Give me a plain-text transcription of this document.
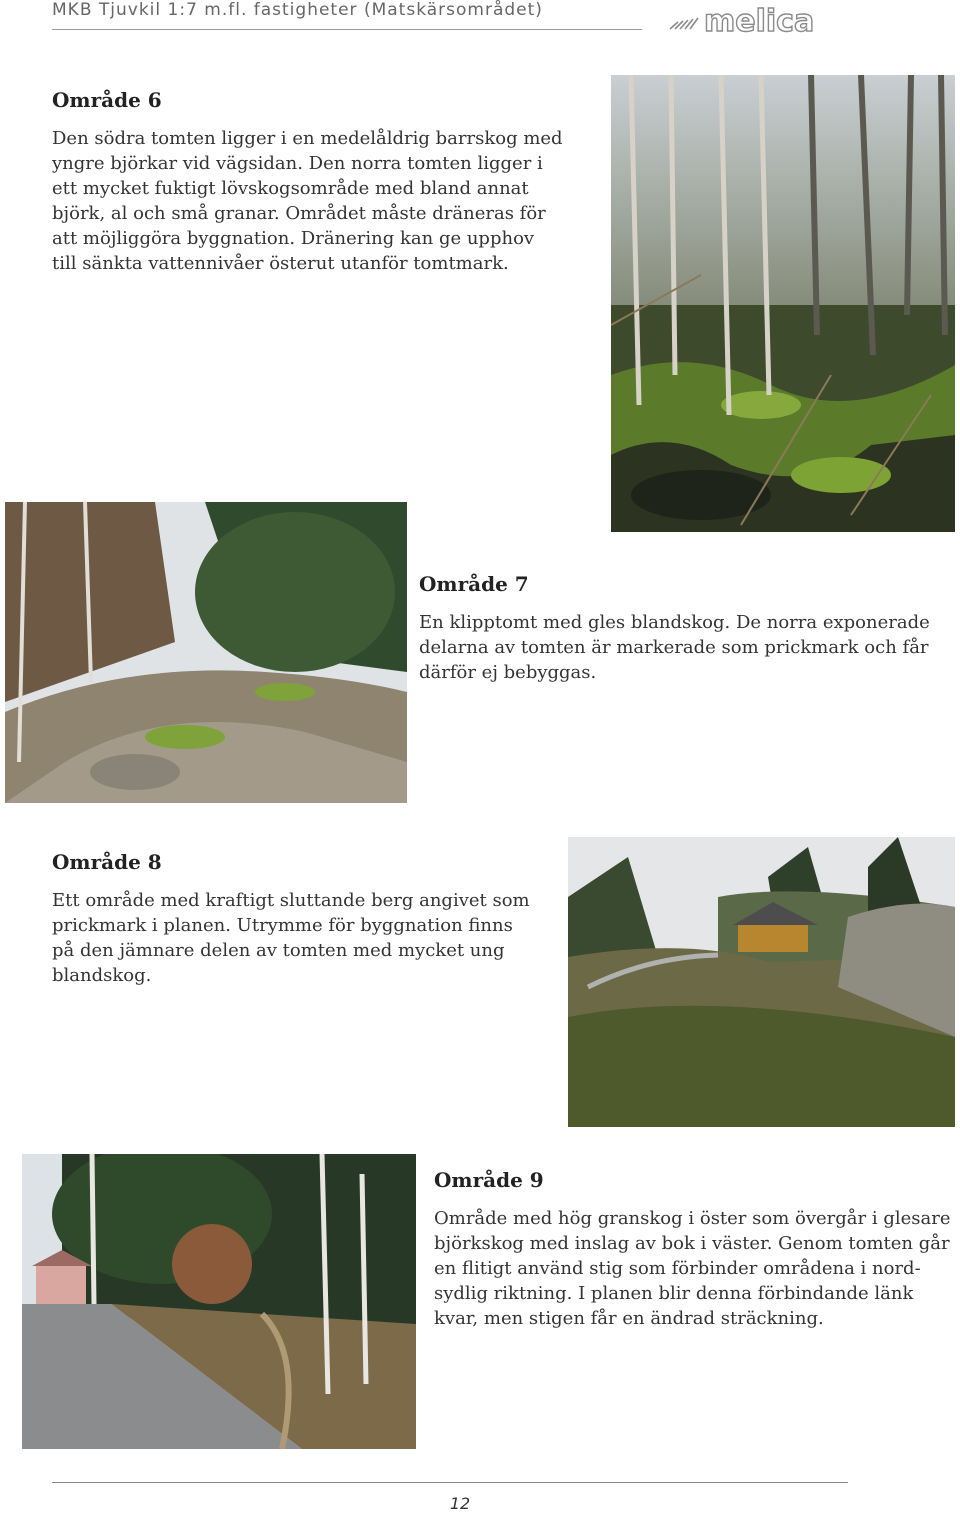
MKB Tjuvkil 1:7 m.fl. fastigheter (Matskärsområdet)	melica
Område 6
Den södra tomten ligger i en medelåldrig barrskog med
yngre björkar vid vägsidan. Den norra tomten ligger i
ett mycket fuktigt lövskogsområde med bland annat
björk, al och små granar. Området måste dräneras för
att möjliggöra byggnation. Dränering kan ge upphov
till sänkta vattennivåer österut utanför tomtmark.
Område 7
En klipptomt med gles blandskog. De norra exponerade
delarna av tomten är markerade som prickmark och får
därför ej bebyggas.
Område 8
Ett område med kraftigt sluttande berg angivet som
prickmark i planen. Utrymme för byggnation finns
på den jämnare delen av tomten med mycket ung
blandskog.
Område 9
Område med hög granskog i öster som övergår i glesare
björkskog med inslag av bok i väster. Genom tomten går
en flitigt använd stig som förbinder områdena i nord-
sydlig riktning. I planen blir denna förbindande länk
kvar, men stigen får en ändrad sträckning.
12
